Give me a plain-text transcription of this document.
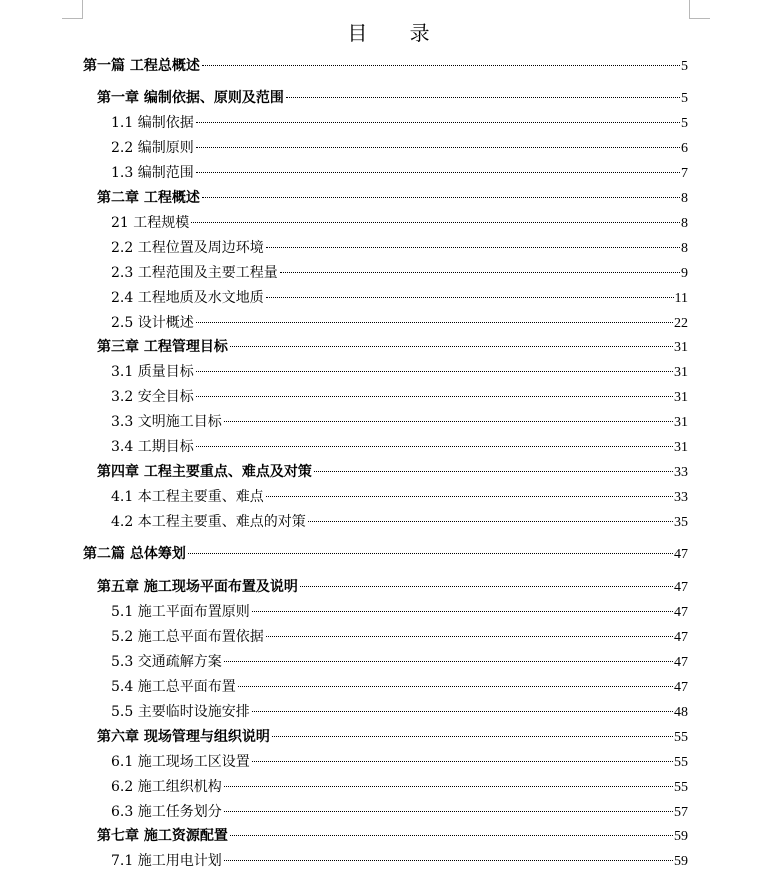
目 录
第一篇 工程总概述	5
第一章 编制依据、原则及范围	5
1.1 编制依据	5
2.2 编制原则	6
1.3 编制范围	7
第二章 工程概述	8
21 工程规模	8
2.2 工程位置及周边环境	8
2.3 工程范围及主要工程量	9
2.4 工程地质及水文地质	11
2.5 设计概述	22
第三章 工程管理目标	31
3.1 质量目标	31
3.2 安全目标	31
3.3 文明施工目标	31
3.4 工期目标	31
第四章 工程主要重点、难点及对策	33
4.1 本工程主要重、难点	33
4.2 本工程主要重、难点的对策	35
第二篇 总体筹划	47
第五章 施工现场平面布置及说明	47
5.1 施工平面布置原则	47
5.2 施工总平面布置依据	47
5.3 交通疏解方案	47
5.4 施工总平面布置	47
5.5 主要临时设施安排	48
第六章 现场管理与组织说明	55
6.1 施工现场工区设置	55
6.2 施工组织机构	55
6.3 施工任务划分	57
第七章 施工资源配置	59
7.1 施工用电计划	59
